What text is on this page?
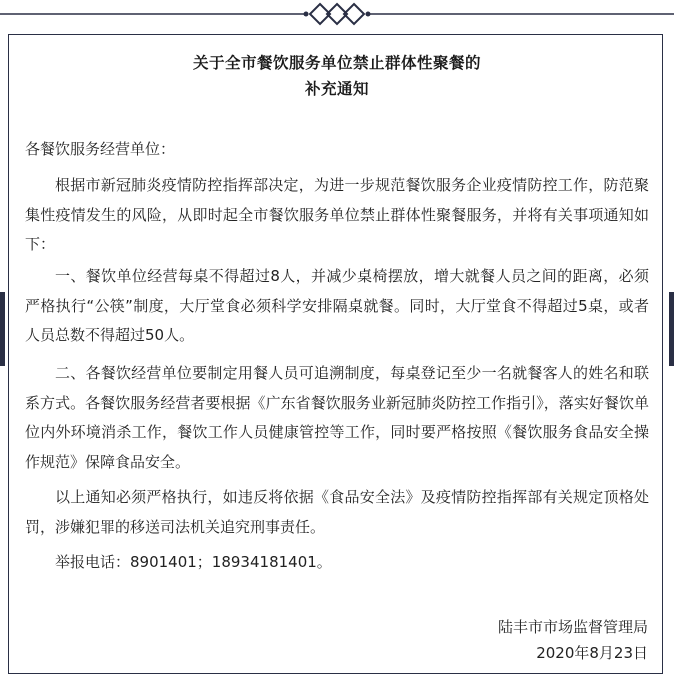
关于全市餐饮服务单位禁止群体性聚餐的
补充通知

各餐饮服务经营单位：

根据市新冠肺炎疫情防控指挥部决定，为进一步规范餐饮服务企业疫情防控工作，防范聚集性疫情发生的风险，从即时起全市餐饮服务单位禁止群体性聚餐服务，并将有关事项通知如下：

一、餐饮单位经营每桌不得超过8人，并减少桌椅摆放，增大就餐人员之间的距离，必须严格执行“公筷”制度，大厅堂食必须科学安排隔桌就餐。同时，大厅堂食不得超过5桌，或者人员总数不得超过50人。

二、各餐饮经营单位要制定用餐人员可追溯制度，每桌登记至少一名就餐客人的姓名和联系方式。各餐饮服务经营者要根据《广东省餐饮服务业新冠肺炎防控工作指引》，落实好餐饮单位内外环境消杀工作，餐饮工作人员健康管控等工作，同时要严格按照《餐饮服务食品安全操作规范》保障食品安全。

以上通知必须严格执行，如违反将依据《食品安全法》及疫情防控指挥部有关规定顶格处罚，涉嫌犯罪的移送司法机关追究刑事责任。

举报电话：8901401；18934181401。

陆丰市市场监督管理局
2020年8月23日
